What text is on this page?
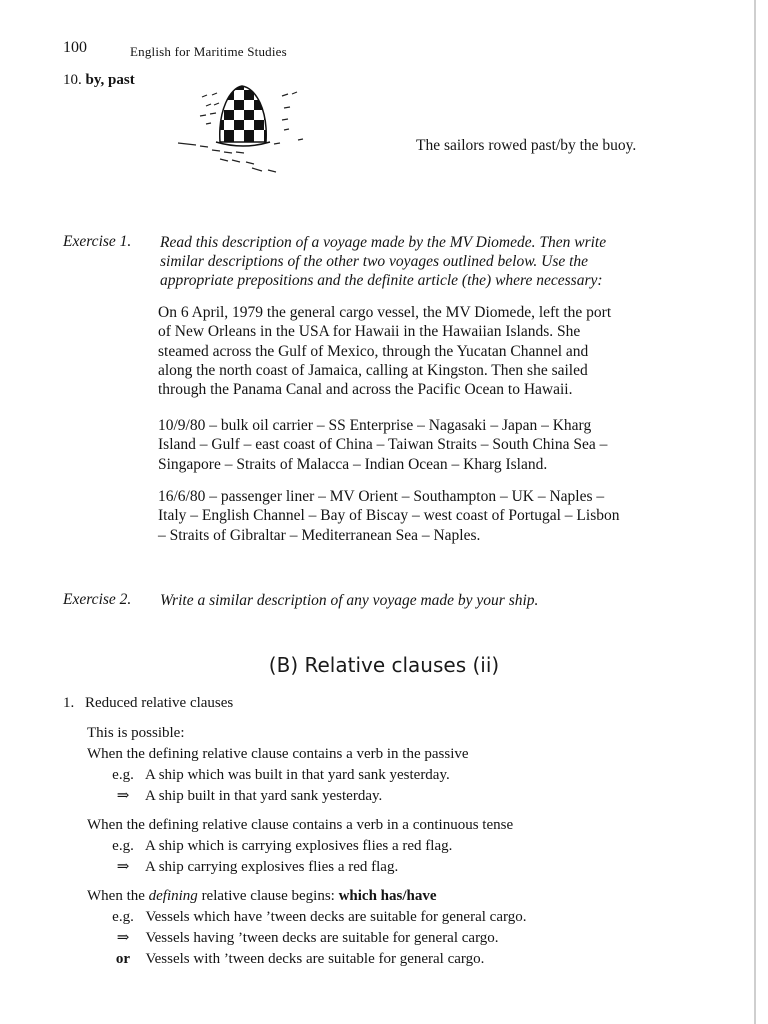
100	English for Maritime Studies
10. by, past
The sailors rowed past/by the buoy.
Exercise 1. Read this description of a voyage made by the MV Diomede. Then write
similar descriptions of the other two voyages outlined below. Use the
appropriate prepositions and the definite article (the) where necessary:
On 6 April, 1979 the general cargo vessel, the MV Diomede, left the port
of New Orleans in the USA for Hawaii in the Hawaiian Islands. She
steamed across the Gulf of Mexico, through the Yucatan Channel and
along the north coast of Jamaica, calling at Kingston. Then she sailed
through the Panama Canal and across the Pacific Ocean to Hawaii.
10/9/80 – bulk oil carrier – SS Enterprise – Nagasaki – Japan – Kharg
Island – Gulf – east coast of China – Taiwan Straits – South China Sea –
Singapore – Straits of Malacca – Indian Ocean – Kharg Island.
16/6/80 – passenger liner – MV Orient – Southampton – UK – Naples –
Italy – English Channel – Bay of Biscay – west coast of Portugal – Lisbon
– Straits of Gibraltar – Mediterranean Sea – Naples.
Exercise 2. Write a similar description of any voyage made by your ship.
(B) Relative clauses (ii)
1. Reduced relative clauses
This is possible:
When the defining relative clause contains a verb in the passive
e.g. A ship which was built in that yard sank yesterday.
⇒ A ship built in that yard sank yesterday.
When the defining relative clause contains a verb in a continuous tense
e.g. A ship which is carrying explosives flies a red flag.
⇒ A ship carrying explosives flies a red flag.
When the defining relative clause begins: which has/have
e.g. Vessels which have ’tween decks are suitable for general cargo.
⇒ Vessels having ’tween decks are suitable for general cargo.
or Vessels with ’tween decks are suitable for general cargo.
